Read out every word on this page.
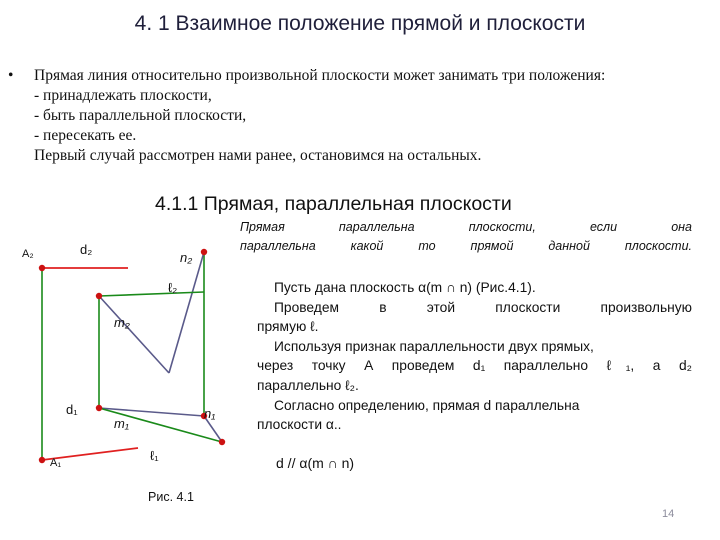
4. 1 Взаимное положение прямой и плоскости
•	Прямая линия относительно произвольной плоскости может занимать три положения:
- принадлежать плоскости,
- быть параллельной плоскости,
- пересекать ее.
Первый случай рассмотрен нами ранее, остановимся на остальных.
4.1.1 Прямая, параллельная плоскости
Прямая параллельна плоскости, если она
параллельна какой то прямой данной плоскости.
Пусть дана плоскость α(m ∩ n) (Рис.4.1).
Проведем в этой плоскости произвольную
прямую ℓ.
Используя признак параллельности двух прямых,
через точку А проведем d₁ параллельно ℓ₁, а d₂
параллельно ℓ₂.
Согласно определению, прямая d параллельна
плоскости α..
d // α(m ∩ n)
A₂	d₂
n₂
ℓ₂
m₂
d₁	n₁
m₁
ℓ₁
A₁
Рис. 4.1
14
